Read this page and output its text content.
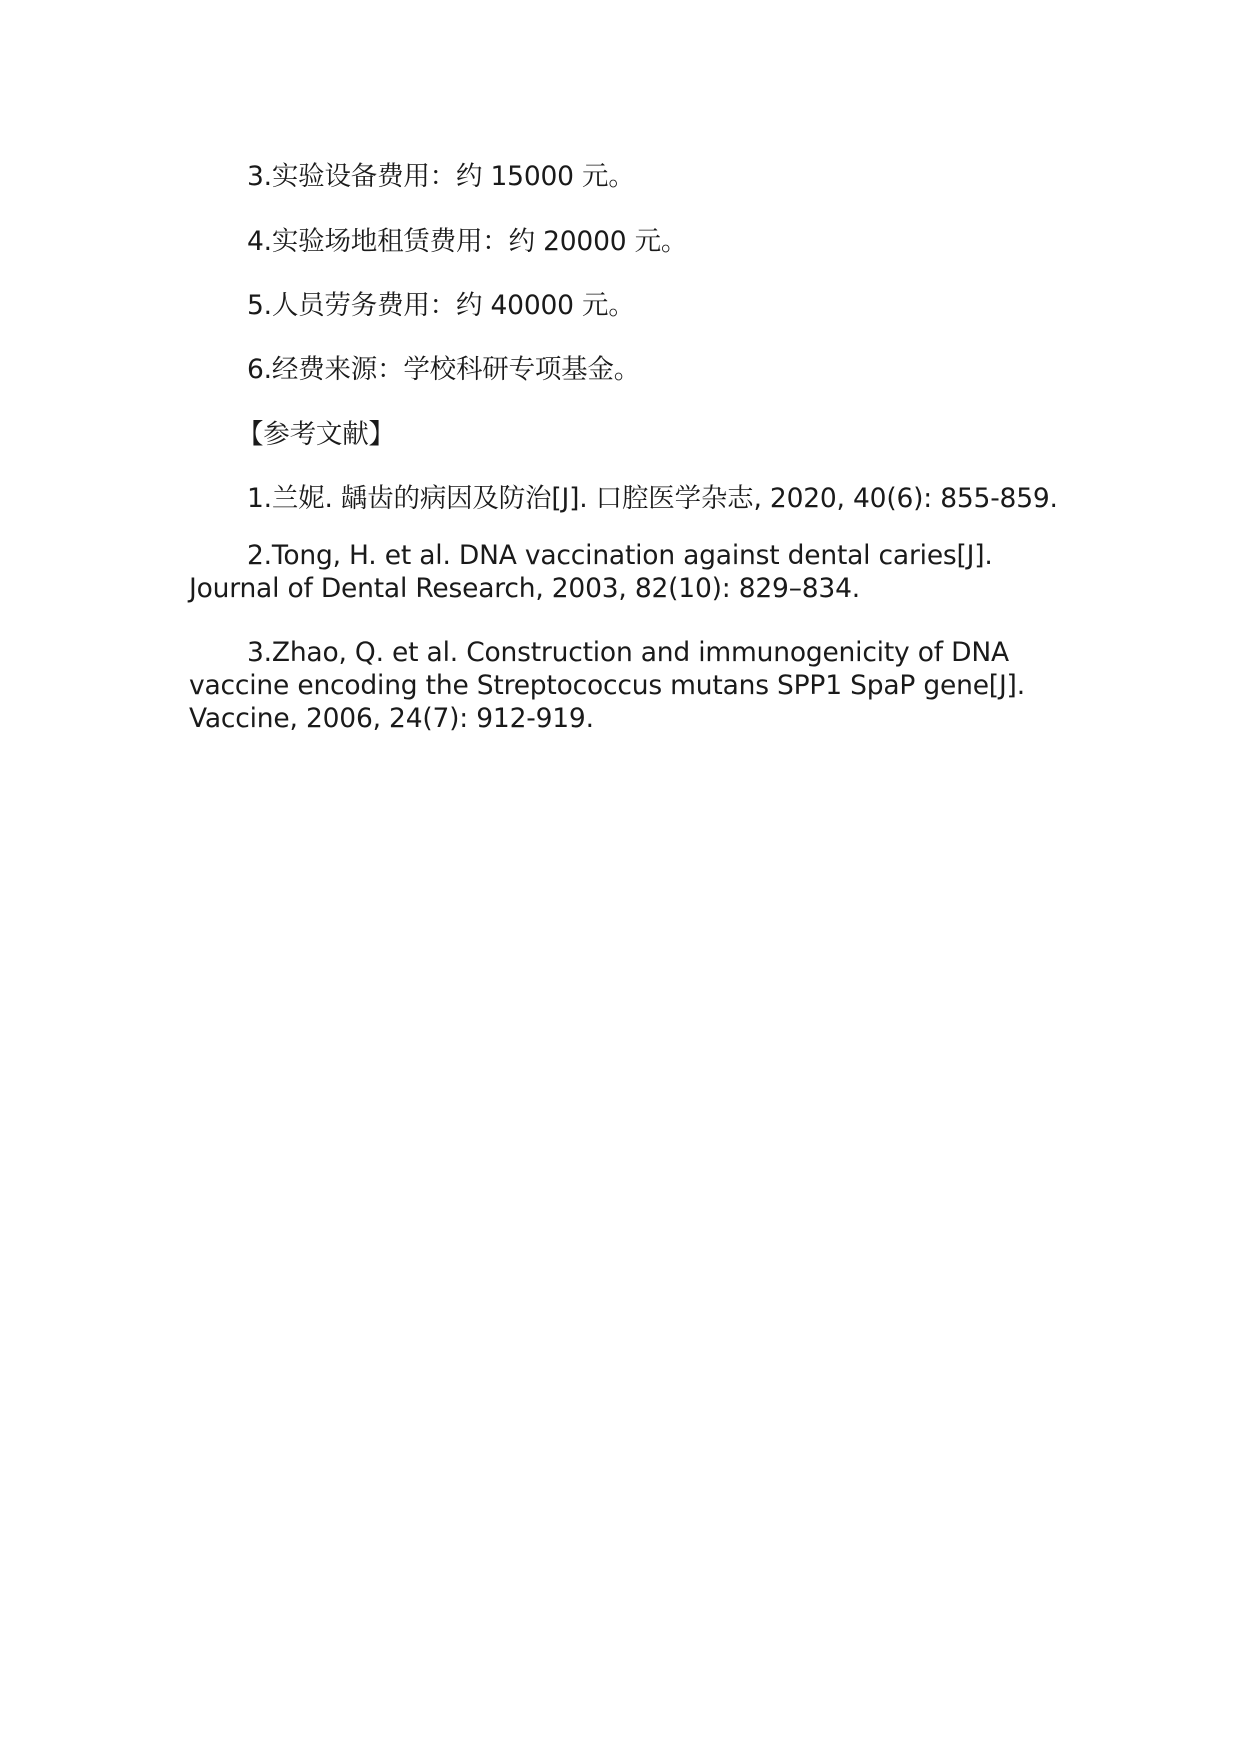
3.实验设备费用：约 15000 元。
4.实验场地租赁费用：约 20000 元。
5.人员劳务费用：约 40000 元。
6.经费来源：学校科研专项基金。
【参考文献】
1.兰妮. 龋齿的病因及防治[J]. 口腔医学杂志, 2020, 40(6): 855-859.
2.Tong, H. et al. DNA vaccination against dental caries[J]. Journal of Dental Research, 2003, 82(10): 829–834.
3.Zhao, Q. et al. Construction and immunogenicity of DNA vaccine encoding the Streptococcus mutans SPP1 SpaP gene[J]. Vaccine, 2006, 24(7): 912-919.
